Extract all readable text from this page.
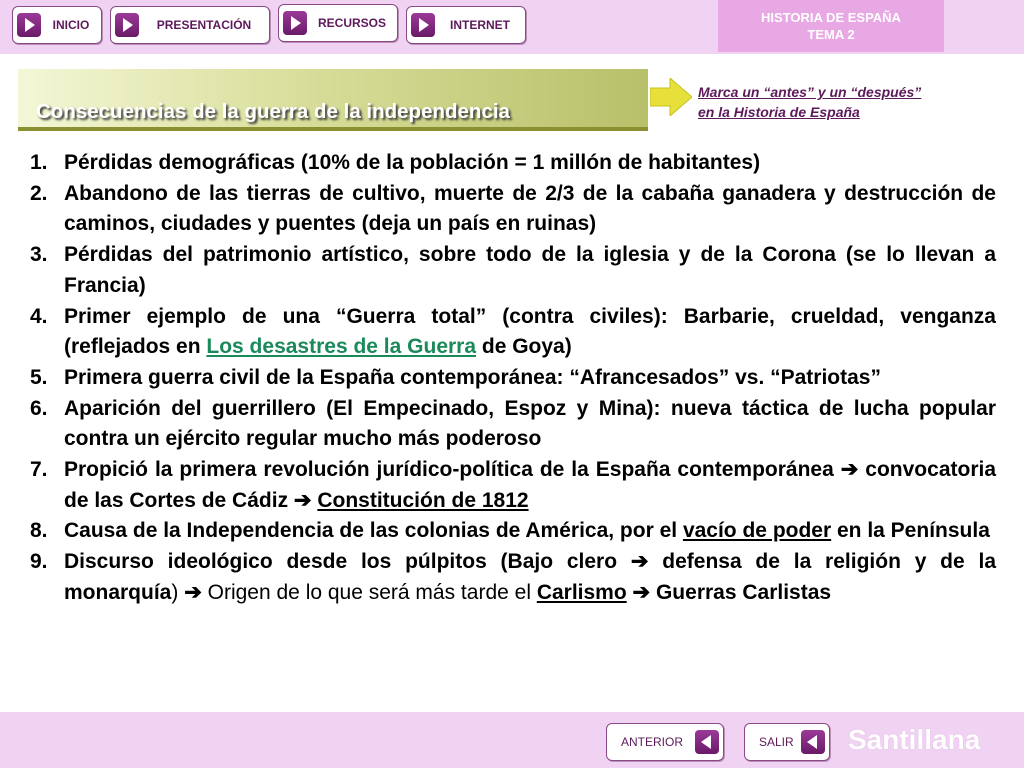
INICIO	PRESENTACIÓN	RECURSOS	INTERNET	HISTORIA DE ESPAÑA
TEMA 2
Consecuencias de la guerra de la independencia
Marca un “antes” y un “después”
en la Historia de España
1. Pérdidas demográficas (10% de la población = 1 millón de habitantes)
2. Abandono de las tierras de cultivo, muerte de 2/3 de la cabaña ganadera y destrucción de caminos, ciudades y puentes (deja un país en ruinas)
3. Pérdidas del patrimonio artístico, sobre todo de la iglesia y de la Corona (se lo llevan a Francia)
4. Primer ejemplo de una “Guerra total” (contra civiles): Barbarie, crueldad, venganza (reflejados en Los desastres de la Guerra de Goya)
5. Primera guerra civil de la España contemporánea: “Afrancesados” vs. “Patriotas”
6. Aparición del guerrillero (El Empecinado, Espoz y Mina): nueva táctica de lucha popular contra un ejército regular mucho más poderoso
7. Propició la primera revolución jurídico-política de la España contemporánea ➔ convocatoria de las Cortes de Cádiz ➔ Constitución de 1812
8. Causa de la Independencia de las colonias de América, por el vacío de poder en la Península
9. Discurso ideológico desde los púlpitos (Bajo clero ➔ defensa de la religión y de la monarquía) ➔ Origen de lo que será más tarde el Carlismo ➔ Guerras Carlistas
ANTERIOR	SALIR Santillana
